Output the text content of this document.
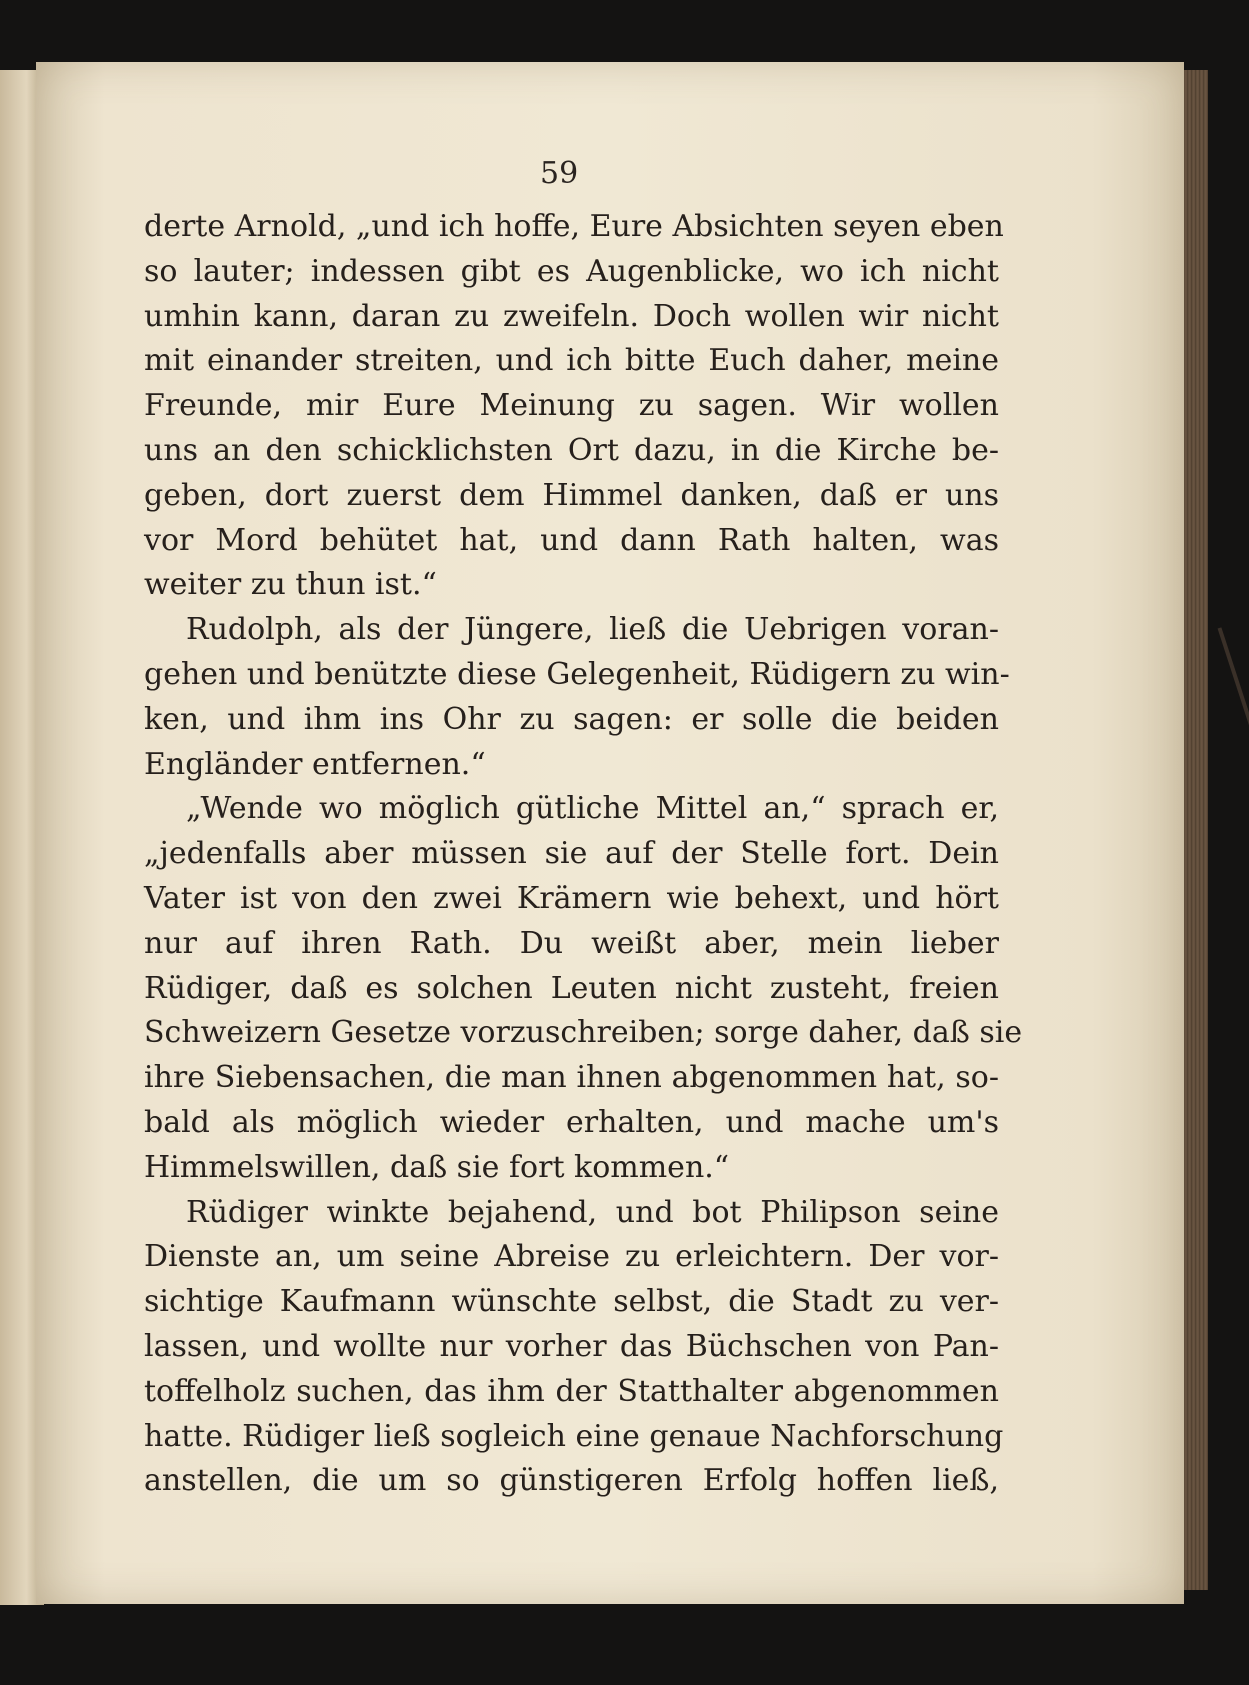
59
derte Arnold, „und ich hoffe, Eure Absichten seyen eben
so lauter; indessen gibt es Augenblicke, wo ich nicht
umhin kann, daran zu zweifeln. Doch wollen wir nicht
mit einander streiten, und ich bitte Euch daher, meine
Freunde, mir Eure Meinung zu sagen. Wir wollen
uns an den schicklichsten Ort dazu, in die Kirche be-
geben, dort zuerst dem Himmel danken, daß er uns
vor Mord behütet hat, und dann Rath halten, was
weiter zu thun ist.“
Rudolph, als der Jüngere, ließ die Uebrigen voran-
gehen und benützte diese Gelegenheit, Rüdigern zu win-
ken, und ihm ins Ohr zu sagen: er solle die beiden
Engländer entfernen.“
„Wende wo möglich gütliche Mittel an,“ sprach er,
„jedenfalls aber müssen sie auf der Stelle fort. Dein
Vater ist von den zwei Krämern wie behext, und hört
nur auf ihren Rath. Du weißt aber, mein lieber
Rüdiger, daß es solchen Leuten nicht zusteht, freien
Schweizern Gesetze vorzuschreiben; sorge daher, daß sie
ihre Siebensachen, die man ihnen abgenommen hat, so-
bald als möglich wieder erhalten, und mache um's
Himmelswillen, daß sie fort kommen.“
Rüdiger winkte bejahend, und bot Philipson seine
Dienste an, um seine Abreise zu erleichtern. Der vor-
sichtige Kaufmann wünschte selbst, die Stadt zu ver-
lassen, und wollte nur vorher das Büchschen von Pan-
toffelholz suchen, das ihm der Statthalter abgenommen
hatte. Rüdiger ließ sogleich eine genaue Nachforschung
anstellen, die um so günstigeren Erfolg hoffen ließ,
